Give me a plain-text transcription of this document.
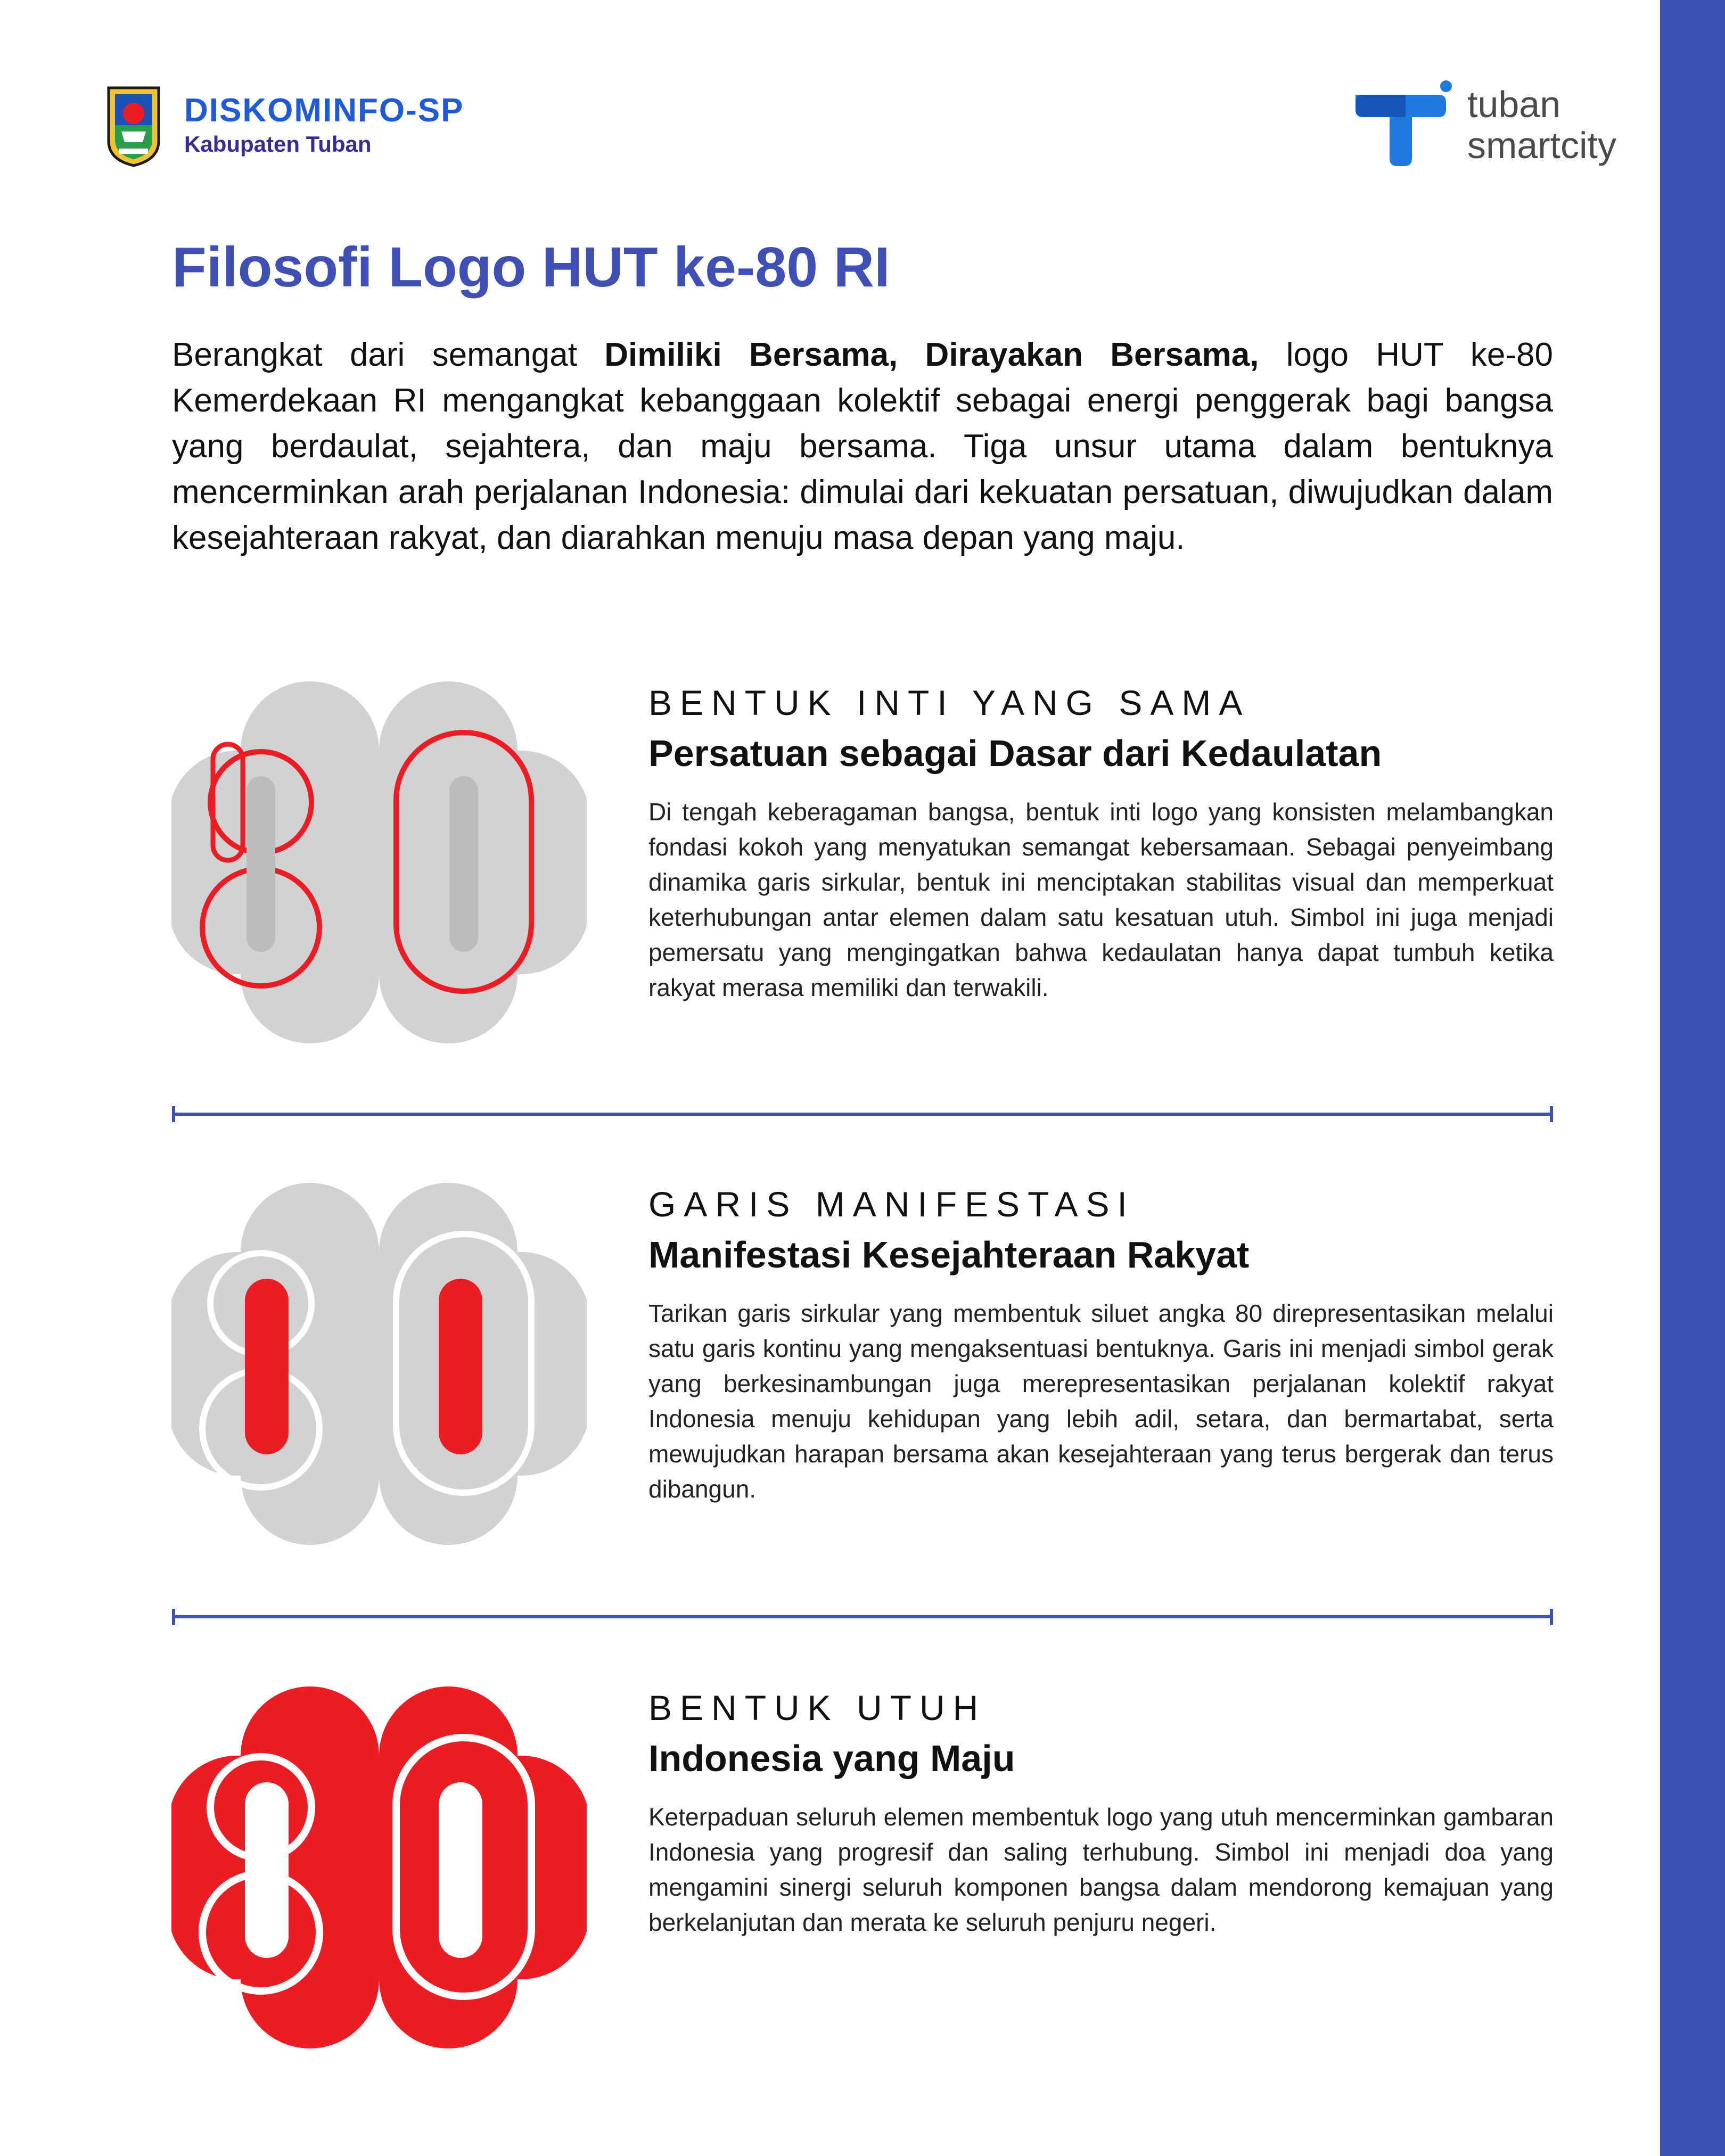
DISKOMINFO-SP
Kabupaten Tuban
tuban
smartcity
Filosofi Logo HUT ke-80 RI

Berangkat dari semangat Dimiliki Bersama, Dirayakan Bersama, logo HUT ke-80 Kemerdekaan RI mengangkat kebanggaan kolektif sebagai energi penggerak bagi bangsa yang berdaulat, sejahtera, dan maju bersama. Tiga unsur utama dalam bentuknya mencerminkan arah perjalanan Indonesia: dimulai dari kekuatan persatuan, diwujudkan dalam kesejahteraan rakyat, dan diarahkan menuju masa depan yang maju.

BENTUK INTI YANG SAMA

Persatuan sebagai Dasar dari Kedaulatan

Di tengah keberagaman bangsa, bentuk inti logo yang konsisten melambangkan fondasi kokoh yang menyatukan semangat kebersamaan. Sebagai penyeimbang dinamika garis sirkular, bentuk ini menciptakan stabilitas visual dan memperkuat keterhubungan antar elemen dalam satu kesatuan utuh. Simbol ini juga menjadi pemersatu yang mengingatkan bahwa kedaulatan hanya dapat tumbuh ketika rakyat merasa memiliki dan terwakili.

GARIS MANIFESTASI

Manifestasi Kesejahteraan Rakyat

Tarikan garis sirkular yang membentuk siluet angka 80 direpresentasikan melalui satu garis kontinu yang mengaksentuasi bentuknya. Garis ini menjadi simbol gerak yang berkesinambungan juga merepresentasikan perjalanan kolektif rakyat Indonesia menuju kehidupan yang lebih adil, setara, dan bermartabat, serta mewujudkan harapan bersama akan kesejahteraan yang terus bergerak dan terus dibangun.

BENTUK UTUH

Indonesia yang Maju

Keterpaduan seluruh elemen membentuk logo yang utuh mencerminkan gambaran Indonesia yang progresif dan saling terhubung. Simbol ini menjadi doa yang mengamini sinergi seluruh komponen bangsa dalam mendorong kemajuan yang berkelanjutan dan merata ke seluruh penjuru negeri.
